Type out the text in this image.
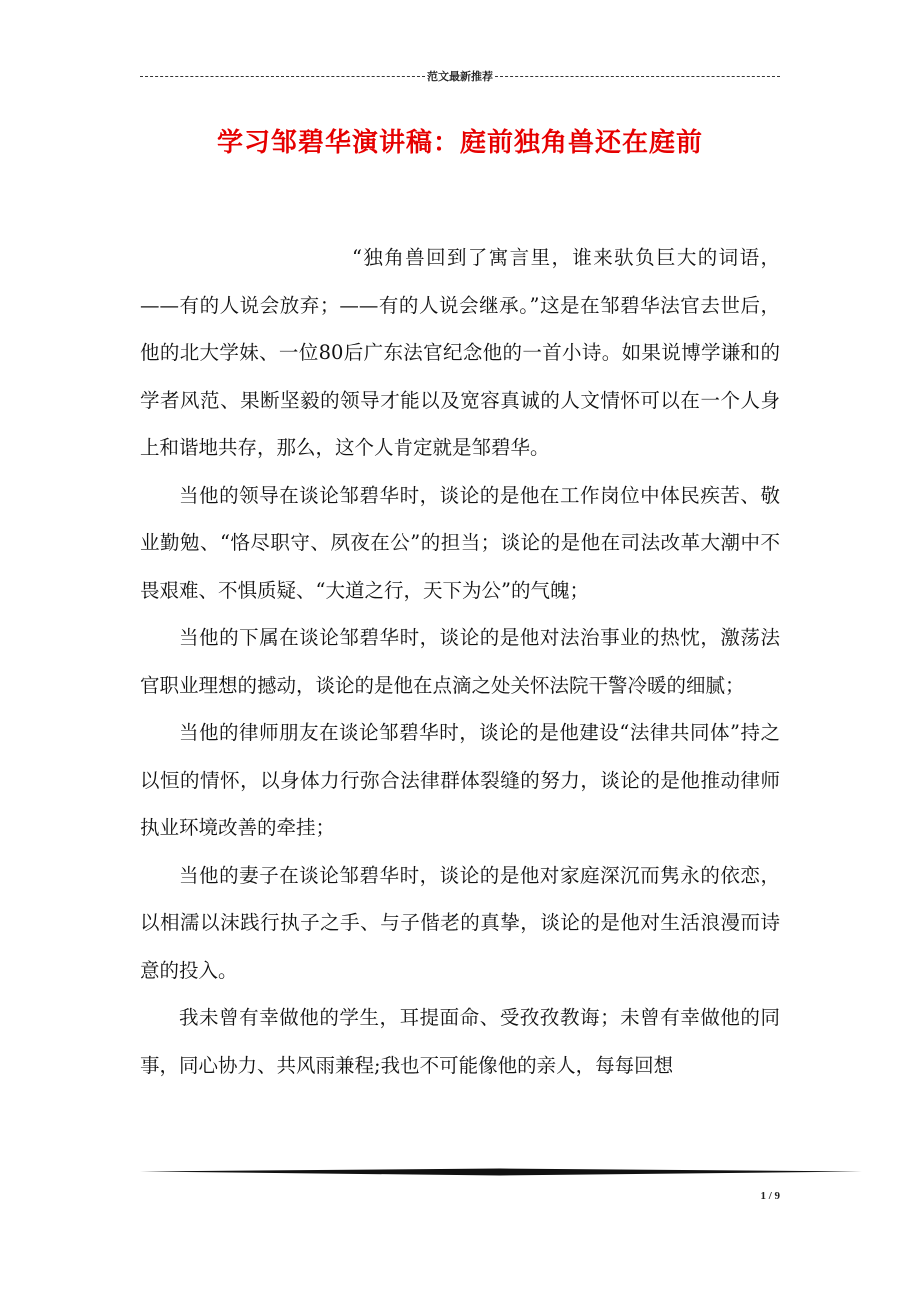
范文最新推荐
学习邹碧华演讲稿：庭前独角兽还在庭前

“独角兽回到了寓言里，谁来驮负巨大的词语，——有的人说会放弃；——有的人说会继承。”这是在邹碧华法官去世后，他的北大学妹、一位80后广东法官纪念他的一首小诗。如果说博学谦和的学者风范、果断坚毅的领导才能以及宽容真诚的人文情怀可以在一个人身上和谐地共存，那么，这个人肯定就是邹碧华。

当他的领导在谈论邹碧华时，谈论的是他在工作岗位中体民疾苦、敬业勤勉、“恪尽职守、夙夜在公”的担当；谈论的是他在司法改革大潮中不畏艰难、不惧质疑、“大道之行，天下为公”的气魄；

当他的下属在谈论邹碧华时，谈论的是他对法治事业的热忱，激荡法官职业理想的撼动，谈论的是他在点滴之处关怀法院干警冷暖的细腻；

当他的律师朋友在谈论邹碧华时，谈论的是他建设“法律共同体”持之以恒的情怀，以身体力行弥合法律群体裂缝的努力，谈论的是他推动律师执业环境改善的牵挂；

当他的妻子在谈论邹碧华时，谈论的是他对家庭深沉而隽永的依恋，以相濡以沫践行执子之手、与子偕老的真挚，谈论的是他对生活浪漫而诗意的投入。

我未曾有幸做他的学生，耳提面命、受孜孜教诲；未曾有幸做他的同事，同心协力、共风雨兼程;我也不可能像他的亲人，每每回想

1 / 9
